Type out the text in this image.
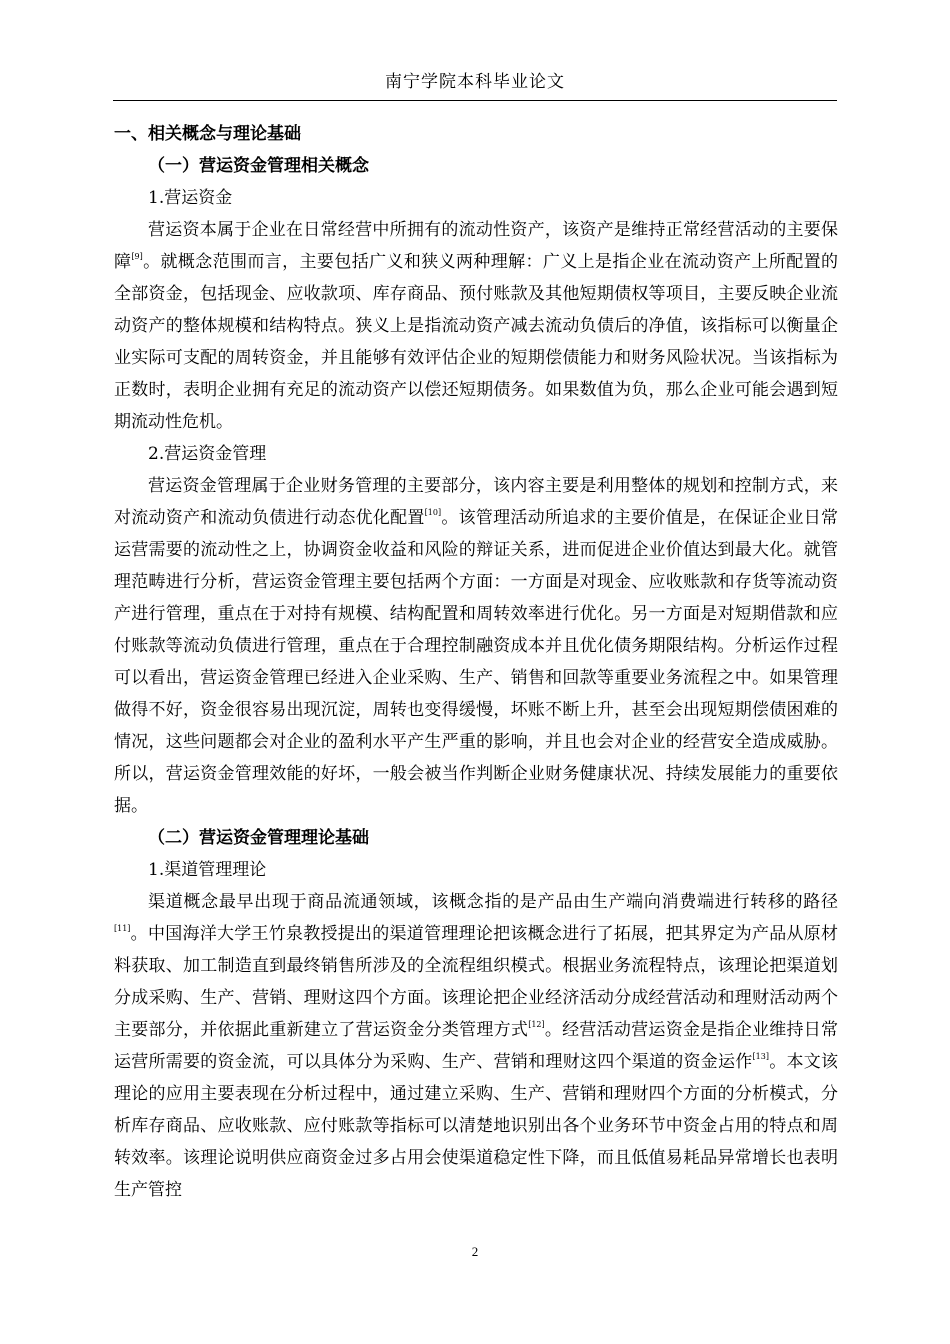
南宁学院本科毕业论文

一、相关概念与理论基础

（一）营运资金管理相关概念

1.营运资金

营运资本属于企业在日常经营中所拥有的流动性资产，该资产是维持正常经营活动的主要保障[9]。就概念范围而言，主要包括广义和狭义两种理解：广义上是指企业在流动资产上所配置的全部资金，包括现金、应收款项、库存商品、预付账款及其他短期债权等项目，主要反映企业流动资产的整体规模和结构特点。狭义上是指流动资产减去流动负债后的净值，该指标可以衡量企业实际可支配的周转资金，并且能够有效评估企业的短期偿债能力和财务风险状况。当该指标为正数时，表明企业拥有充足的流动资产以偿还短期债务。如果数值为负，那么企业可能会遇到短期流动性危机。

2.营运资金管理

营运资金管理属于企业财务管理的主要部分，该内容主要是利用整体的规划和控制方式，来对流动资产和流动负债进行动态优化配置[10]。该管理活动所追求的主要价值是，在保证企业日常运营需要的流动性之上，协调资金收益和风险的辩证关系，进而促进企业价值达到最大化。就管理范畴进行分析，营运资金管理主要包括两个方面：一方面是对现金、应收账款和存货等流动资产进行管理，重点在于对持有规模、结构配置和周转效率进行优化。另一方面是对短期借款和应付账款等流动负债进行管理，重点在于合理控制融资成本并且优化债务期限结构。分析运作过程可以看出，营运资金管理已经进入企业采购、生产、销售和回款等重要业务流程之中。如果管理做得不好，资金很容易出现沉淀，周转也变得缓慢，坏账不断上升，甚至会出现短期偿债困难的情况，这些问题都会对企业的盈利水平产生严重的影响，并且也会对企业的经营安全造成威胁。所以，营运资金管理效能的好坏，一般会被当作判断企业财务健康状况、持续发展能力的重要依据。

（二）营运资金管理理论基础

1.渠道管理理论

渠道概念最早出现于商品流通领域，该概念指的是产品由生产端向消费端进行转移的路径[11]。中国海洋大学王竹泉教授提出的渠道管理理论把该概念进行了拓展，把其界定为产品从原材料获取、加工制造直到最终销售所涉及的全流程组织模式。根据业务流程特点，该理论把渠道划分成采购、生产、营销、理财这四个方面。该理论把企业经济活动分成经营活动和理财活动两个主要部分，并依据此重新建立了营运资金分类管理方式[12]。经营活动营运资金是指企业维持日常运营所需要的资金流，可以具体分为采购、生产、营销和理财这四个渠道的资金运作[13]。本文该理论的应用主要表现在分析过程中，通过建立采购、生产、营销和理财四个方面的分析模式，分析库存商品、应收账款、应付账款等指标可以清楚地识别出各个业务环节中资金占用的特点和周转效率。该理论说明供应商资金过多占用会使渠道稳定性下降，而且低值易耗品异常增长也表明生产管控

2
